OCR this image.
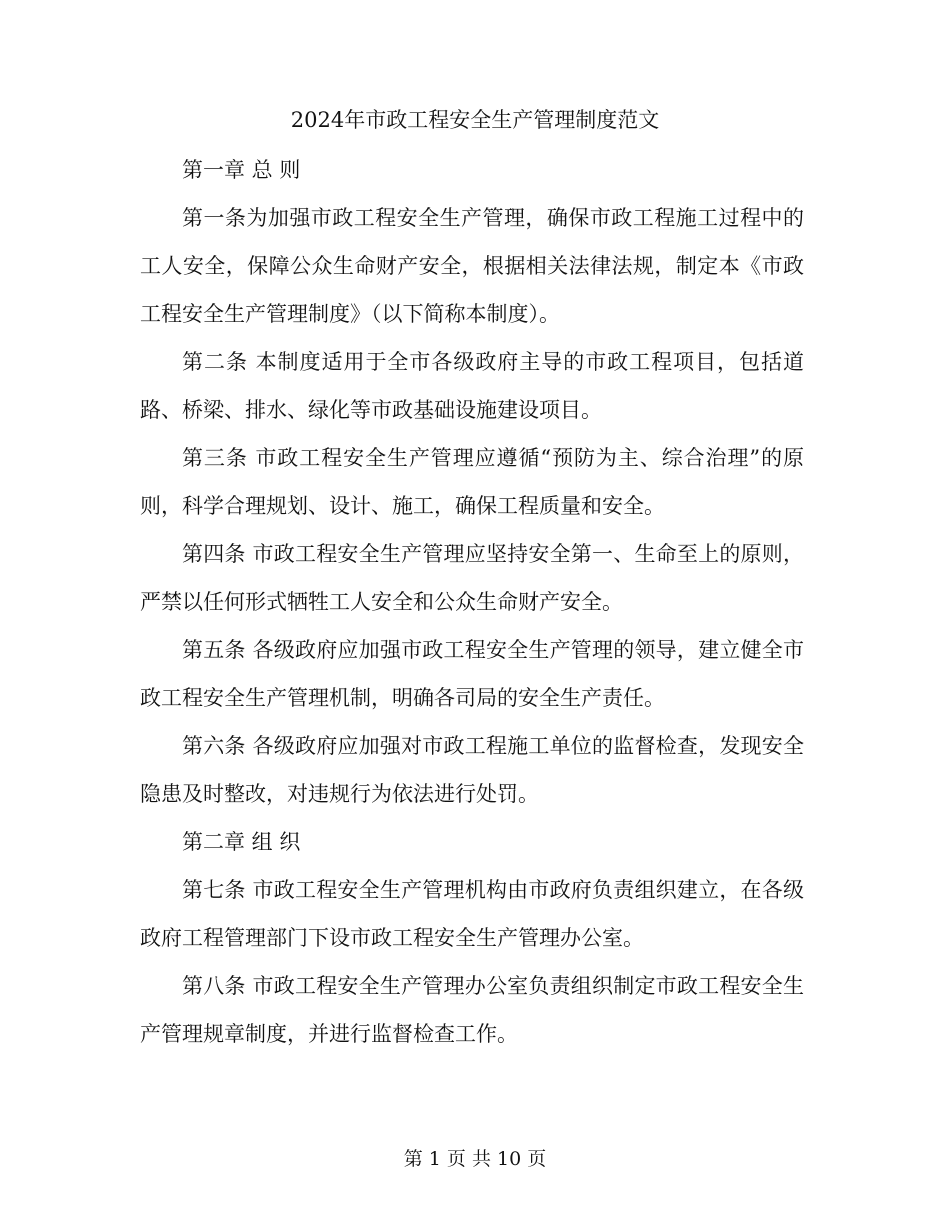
2024年市政工程安全生产管理制度范文

第一章 总 则

第一条为加强市政工程安全生产管理，确保市政工程施工过程中的工人安全，保障公众生命财产安全，根据相关法律法规，制定本《市政工程安全生产管理制度》（以下简称本制度）。

第二条 本制度适用于全市各级政府主导的市政工程项目，包括道路、桥梁、排水、绿化等市政基础设施建设项目。

第三条 市政工程安全生产管理应遵循“预防为主、综合治理”的原则，科学合理规划、设计、施工，确保工程质量和安全。

第四条 市政工程安全生产管理应坚持安全第一、生命至上的原则，严禁以任何形式牺牲工人安全和公众生命财产安全。

第五条 各级政府应加强市政工程安全生产管理的领导，建立健全市政工程安全生产管理机制，明确各司局的安全生产责任。

第六条 各级政府应加强对市政工程施工单位的监督检查，发现安全隐患及时整改，对违规行为依法进行处罚。

第二章 组 织

第七条 市政工程安全生产管理机构由市政府负责组织建立，在各级政府工程管理部门下设市政工程安全生产管理办公室。

第八条 市政工程安全生产管理办公室负责组织制定市政工程安全生产管理规章制度，并进行监督检查工作。

第 1 页 共 10 页
